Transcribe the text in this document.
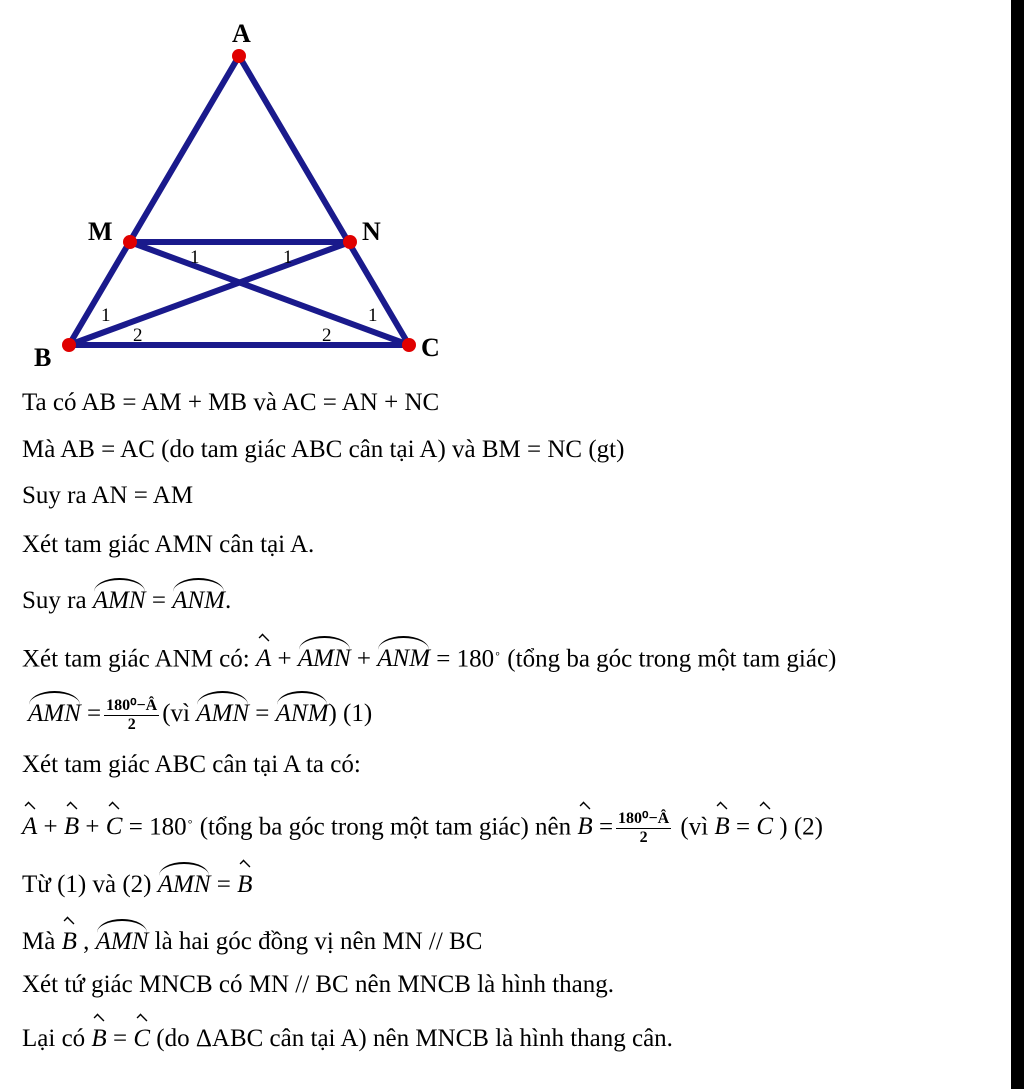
A
M	N
B	C
1	1
1
2	2
1
Ta có AB = AM + MB và AC = AN + NC
Mà AB = AC (do tam giác ABC cân tại A) và BM = NC (gt)
Suy ra AN = AM
Xét tam giác AMN cân tại A.
Suy ra AMN = ANM.
Xét tam giác ANM có: A + AMN + ANM = 180∘ (tổng ba góc trong một tam giác)
AMN = $\frac{\text{180⁰−Â}}{2}$ (vì AMN = ANM) (1)
Xét tam giác ABC cân tại A ta có:
A + B + C = 180∘ (tổng ba góc trong một tam giác) nên $B = \frac{\text{180⁰−Â}}{2}$ (vì B = C ) (2)
Từ (1) và (2) AMN = B
Mà B , AMN là hai góc đồng vị nên MN // BC
Xét tứ giác MNCB có MN // BC nên MNCB là hình thang.
Lại có B = C (do ΔABC cân tại A) nên MNCB là hình thang cân.
